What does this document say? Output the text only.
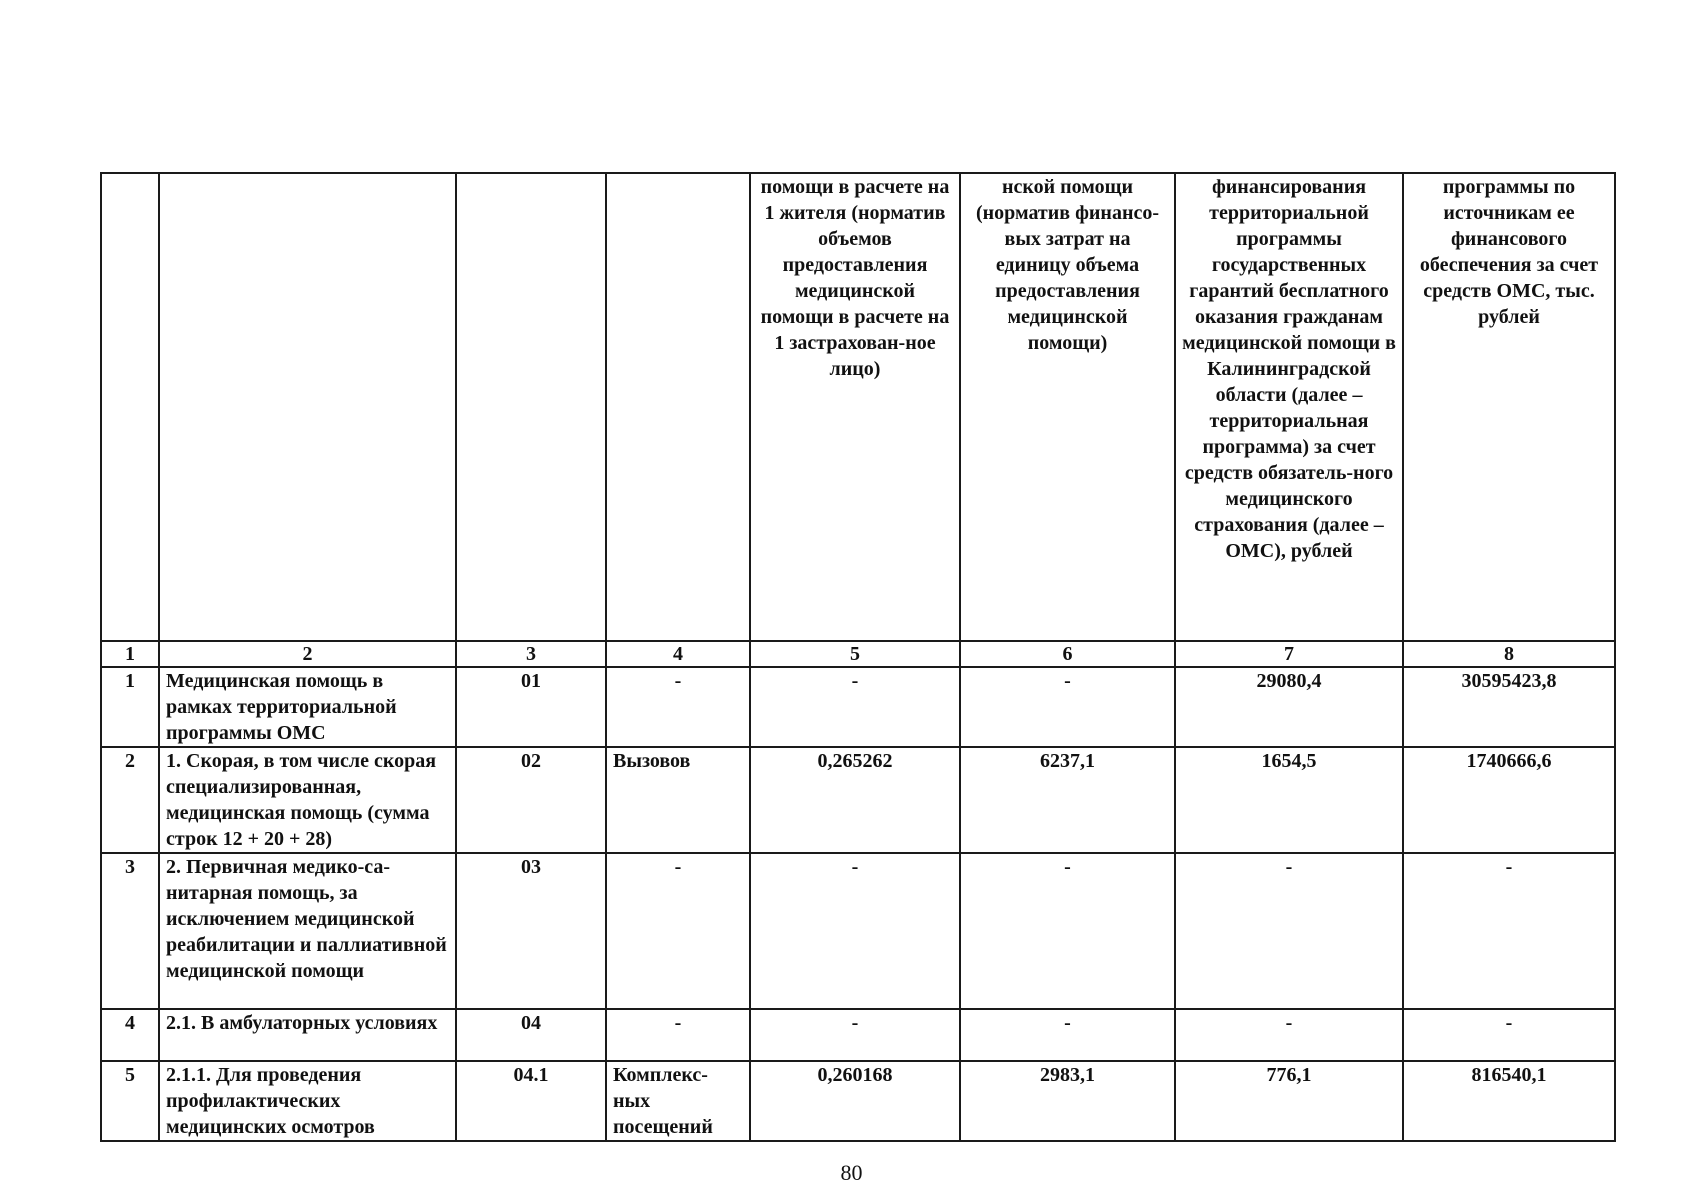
				помощи в расчете на 1 жителя (норматив объемов предоставления медицинской помощи в расчете на 1 застрахован-ное лицо)	нской помощи (норматив финансо-вых затрат на единицу объема предоставления медицинской помощи)	финансирования территориальной программы государственных гарантий бесплатного оказания гражданам медицинской помощи в Калининградской области (далее – территориальная программа) за счет средств обязатель-ного медицинского страхования (далее – ОМС), рублей	программы по источникам ее финансового обеспечения за счет средств ОМС, тыс. рублей
1	2	3	4	5	6	7	8
1	Медицинская помощь в рамках территориальной программы ОМС	01	-	-	-	29080,4	30595423,8
2	1. Скорая, в том числе скорая специализированная, медицинская помощь (сумма строк 12 + 20 + 28)	02	Вызовов	0,265262	6237,1	1654,5	1740666,6
3	2. Первичная медико-са-нитарная помощь, за исключением медицинской реабилитации и паллиативной медицинской помощи	03	-	-	-	-	-
4	2.1. В амбулаторных условиях	04	-	-	-	-	-
5	2.1.1. Для проведения профилактических медицинских осмотров	04.1	Комплекс-ных посещений	0,260168	2983,1	776,1	816540,1
80
